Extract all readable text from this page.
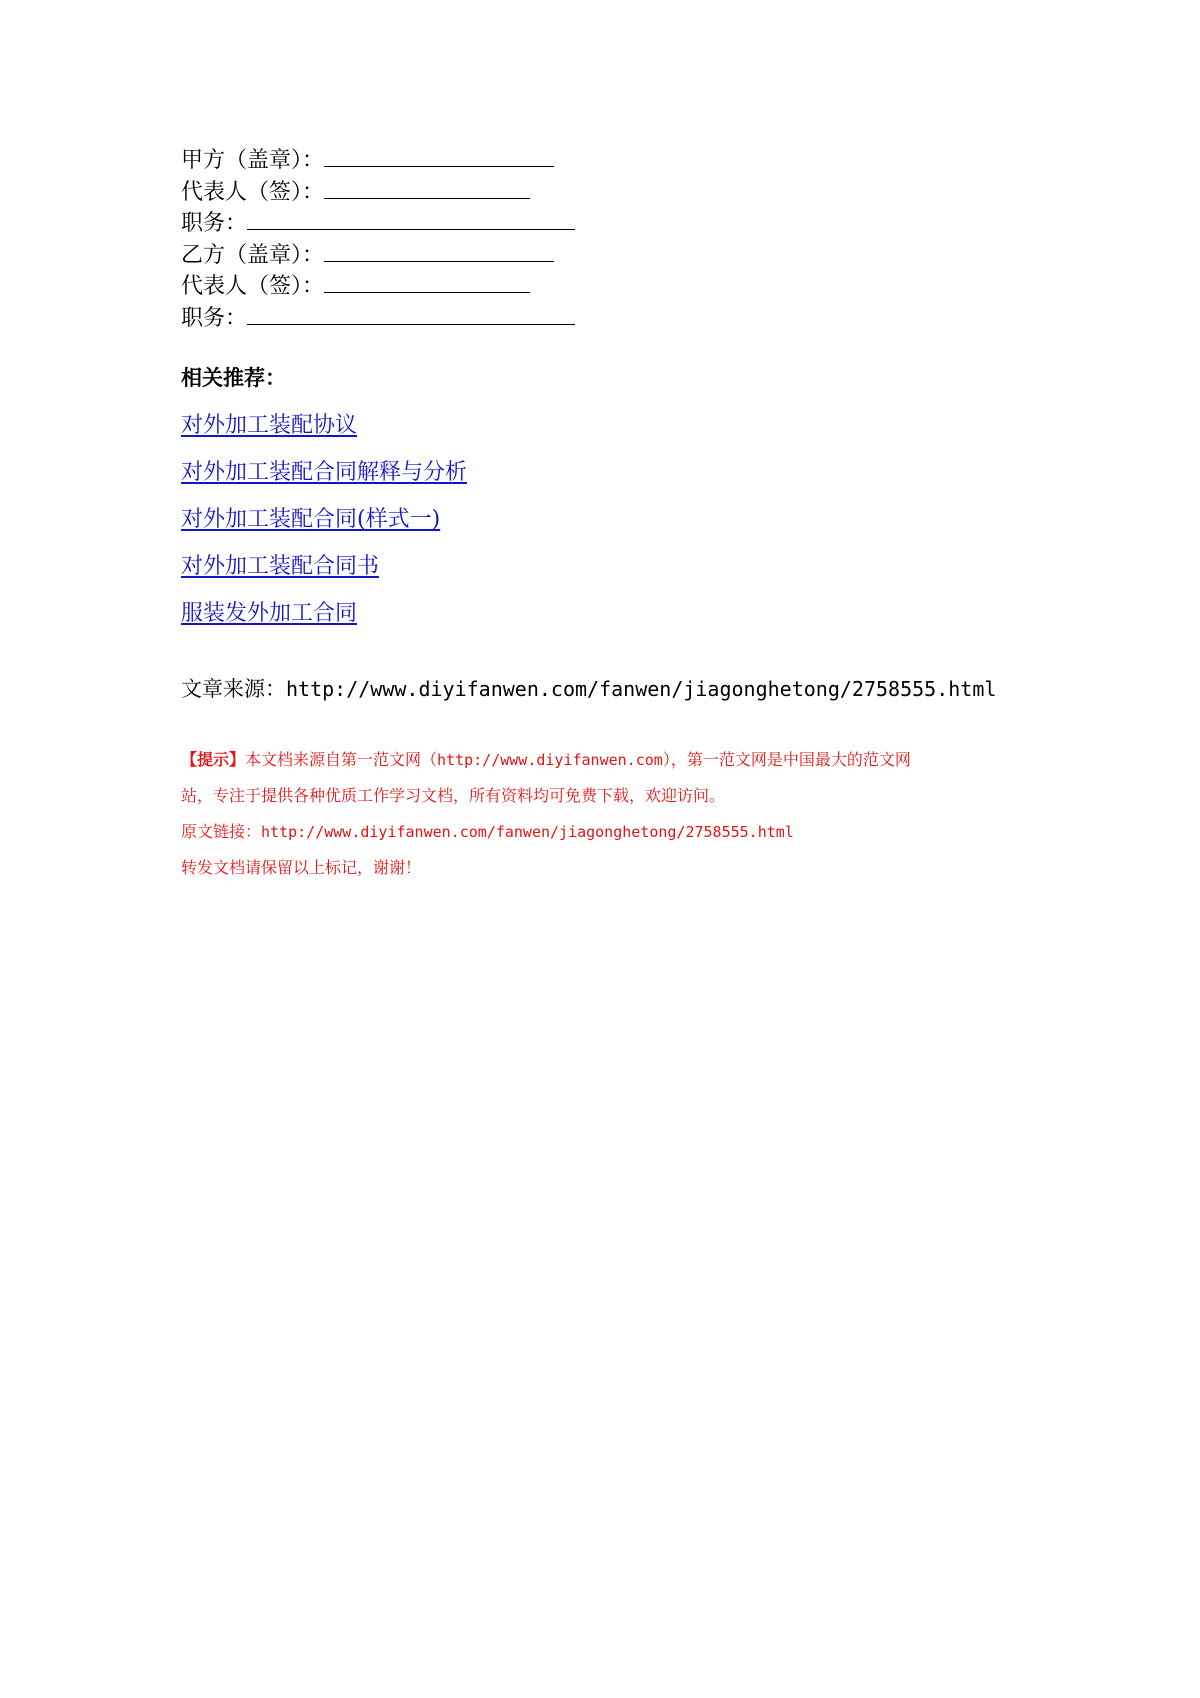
甲方（盖章）：
代表人（签）：
职务：
乙方（盖章）：
代表人（签）：
职务：
相关推荐：
对外加工装配协议
对外加工装配合同解释与分析
对外加工装配合同(样式一)
对外加工装配合同书
服装发外加工合同
文章来源：http://www.diyifanwen.com/fanwen/jiagonghetong/2758555.html
【提示】本文档来源自第一范文网（http://www.diyifanwen.com），第一范文网是中国最大的范文网
站，专注于提供各种优质工作学习文档，所有资料均可免费下载，欢迎访问。
原文链接：http://www.diyifanwen.com/fanwen/jiagonghetong/2758555.html
转发文档请保留以上标记，谢谢！
